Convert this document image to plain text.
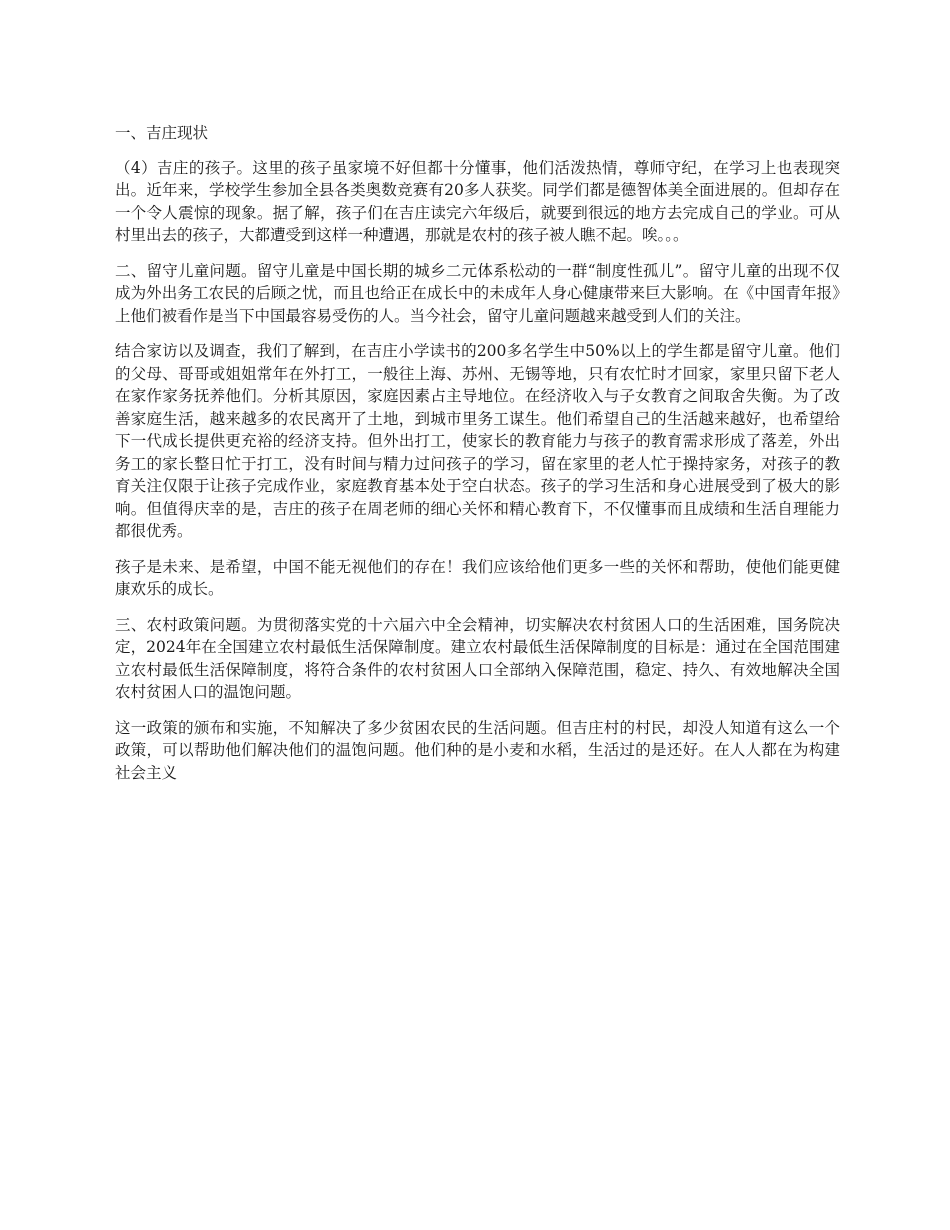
一、吉庄现状

（4）吉庄的孩子。这里的孩子虽家境不好但都十分懂事，他们活泼热情，尊师守纪，在学习上也表现突出。近年来，学校学生参加全县各类奥数竞赛有20多人获奖。同学们都是德智体美全面进展的。但却存在一个令人震惊的现象。据了解，孩子们在吉庄读完六年级后，就要到很远的地方去完成自己的学业。可从村里出去的孩子，大都遭受到这样一种遭遇，那就是农村的孩子被人瞧不起。唉。。。

二、留守儿童问题。留守儿童是中国长期的城乡二元体系松动的一群“制度性孤儿”。留守儿童的出现不仅成为外出务工农民的后顾之忧，而且也给正在成长中的未成年人身心健康带来巨大影响。在《中国青年报》上他们被看作是当下中国最容易受伤的人。当今社会，留守儿童问题越来越受到人们的关注。

结合家访以及调查，我们了解到，在吉庄小学读书的200多名学生中50%以上的学生都是留守儿童。他们的父母、哥哥或姐姐常年在外打工，一般往上海、苏州、无锡等地，只有农忙时才回家，家里只留下老人在家作家务抚养他们。分析其原因，家庭因素占主导地位。在经济收入与子女教育之间取舍失衡。为了改善家庭生活，越来越多的农民离开了土地，到城市里务工谋生。他们希望自己的生活越来越好，也希望给下一代成长提供更充裕的经济支持。但外出打工，使家长的教育能力与孩子的教育需求形成了落差，外出务工的家长整日忙于打工，没有时间与精力过问孩子的学习，留在家里的老人忙于操持家务，对孩子的教育关注仅限于让孩子完成作业，家庭教育基本处于空白状态。孩子的学习生活和身心进展受到了极大的影响。但值得庆幸的是，吉庄的孩子在周老师的细心关怀和精心教育下，不仅懂事而且成绩和生活自理能力都很优秀。

孩子是未来、是希望，中国不能无视他们的存在！我们应该给他们更多一些的关怀和帮助，使他们能更健康欢乐的成长。

三、农村政策问题。为贯彻落实党的十六届六中全会精神，切实解决农村贫困人口的生活困难，国务院决定，2024年在全国建立农村最低生活保障制度。建立农村最低生活保障制度的目标是：通过在全国范围建立农村最低生活保障制度，将符合条件的农村贫困人口全部纳入保障范围，稳定、持久、有效地解决全国农村贫困人口的温饱问题。

这一政策的颁布和实施，不知解决了多少贫困农民的生活问题。但吉庄村的村民，却没人知道有这么一个政策，可以帮助他们解决他们的温饱问题。他们种的是小麦和水稻，生活过的是还好。在人人都在为构建社会主义
